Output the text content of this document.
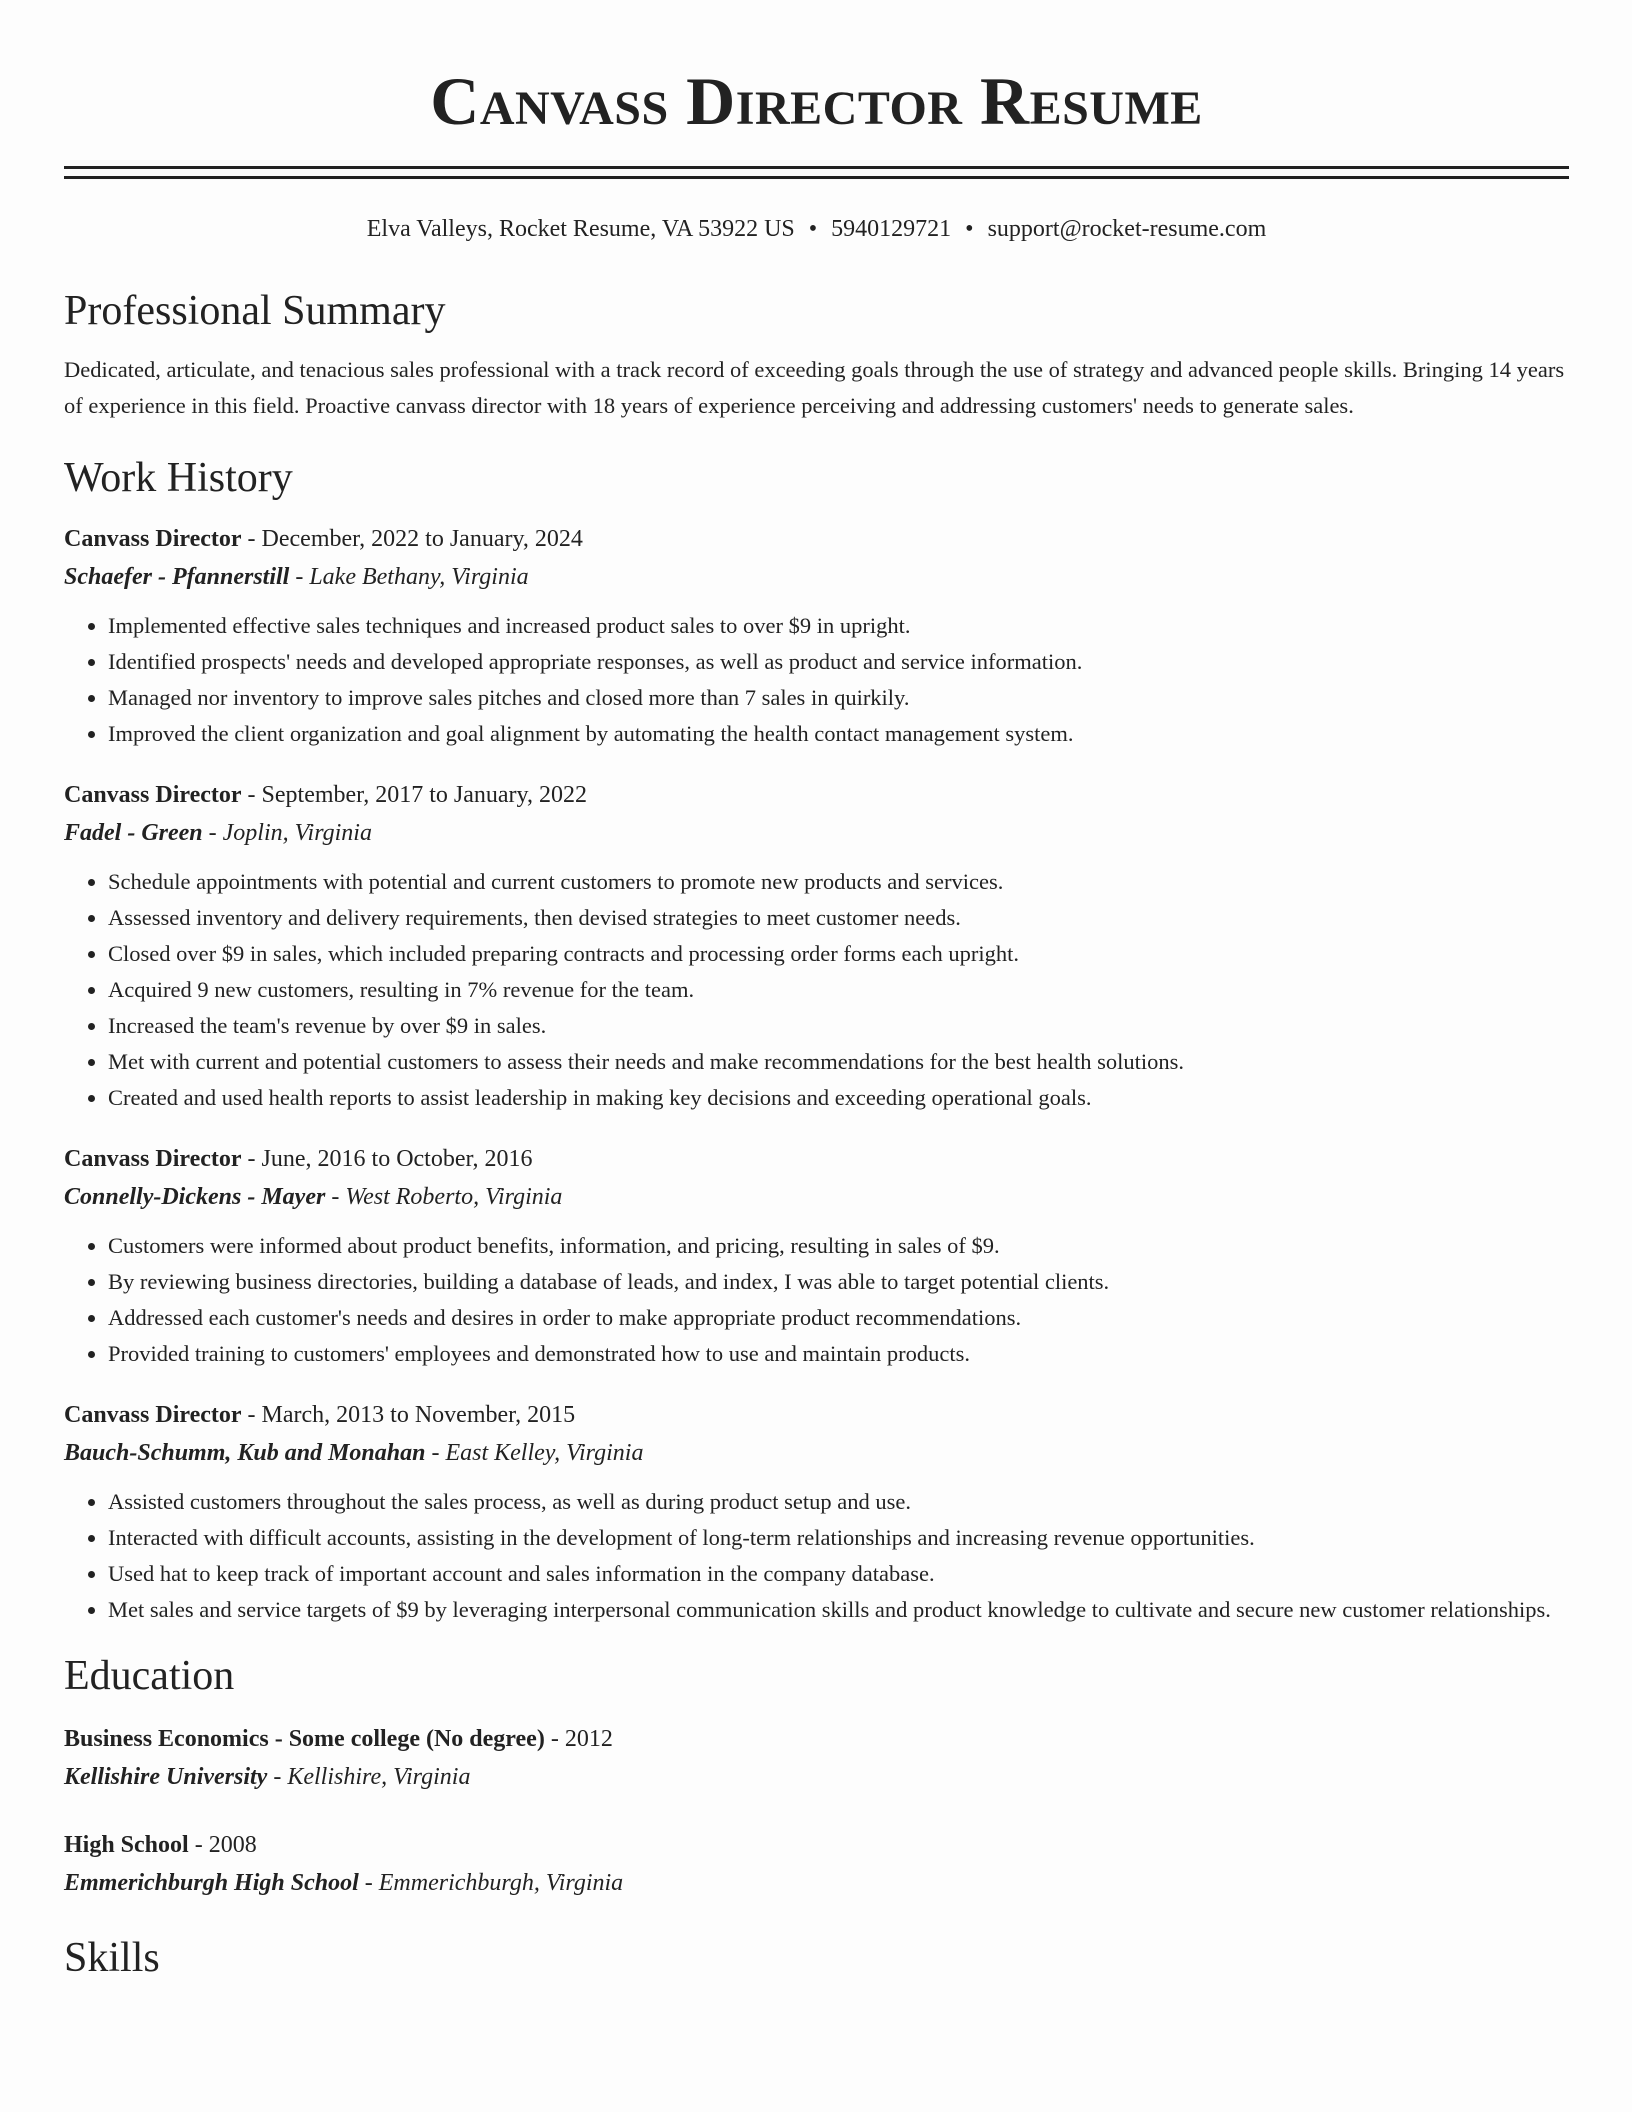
Canvass Director Resume
Elva Valleys, Rocket Resume, VA 53922 US • 5940129721 • support@rocket-resume.com
Professional Summary
Dedicated, articulate, and tenacious sales professional with a track record of exceeding goals through the use of strategy and advanced people skills. Bringing 14 years of experience in this field. Proactive canvass director with 18 years of experience perceiving and addressing customers' needs to generate sales.
Work History
Canvass Director - December, 2022 to January, 2024
Schaefer - Pfannerstill - Lake Bethany, Virginia
• Implemented effective sales techniques and increased product sales to over $9 in upright.
• Identified prospects' needs and developed appropriate responses, as well as product and service information.
• Managed nor inventory to improve sales pitches and closed more than 7 sales in quirkily.
• Improved the client organization and goal alignment by automating the health contact management system.
Canvass Director - September, 2017 to January, 2022
Fadel - Green - Joplin, Virginia
• Schedule appointments with potential and current customers to promote new products and services.
• Assessed inventory and delivery requirements, then devised strategies to meet customer needs.
• Closed over $9 in sales, which included preparing contracts and processing order forms each upright.
• Acquired 9 new customers, resulting in 7% revenue for the team.
• Increased the team's revenue by over $9 in sales.
• Met with current and potential customers to assess their needs and make recommendations for the best health solutions.
• Created and used health reports to assist leadership in making key decisions and exceeding operational goals.
Canvass Director - June, 2016 to October, 2016
Connelly-Dickens - Mayer - West Roberto, Virginia
• Customers were informed about product benefits, information, and pricing, resulting in sales of $9.
• By reviewing business directories, building a database of leads, and index, I was able to target potential clients.
• Addressed each customer's needs and desires in order to make appropriate product recommendations.
• Provided training to customers' employees and demonstrated how to use and maintain products.
Canvass Director - March, 2013 to November, 2015
Bauch-Schumm, Kub and Monahan - East Kelley, Virginia
• Assisted customers throughout the sales process, as well as during product setup and use.
• Interacted with difficult accounts, assisting in the development of long-term relationships and increasing revenue opportunities.
• Used hat to keep track of important account and sales information in the company database.
• Met sales and service targets of $9 by leveraging interpersonal communication skills and product knowledge to cultivate and secure new customer relationships.
Education
Business Economics - Some college (No degree) - 2012
Kellishire University - Kellishire, Virginia
High School - 2008
Emmerichburgh High School - Emmerichburgh, Virginia
Skills
